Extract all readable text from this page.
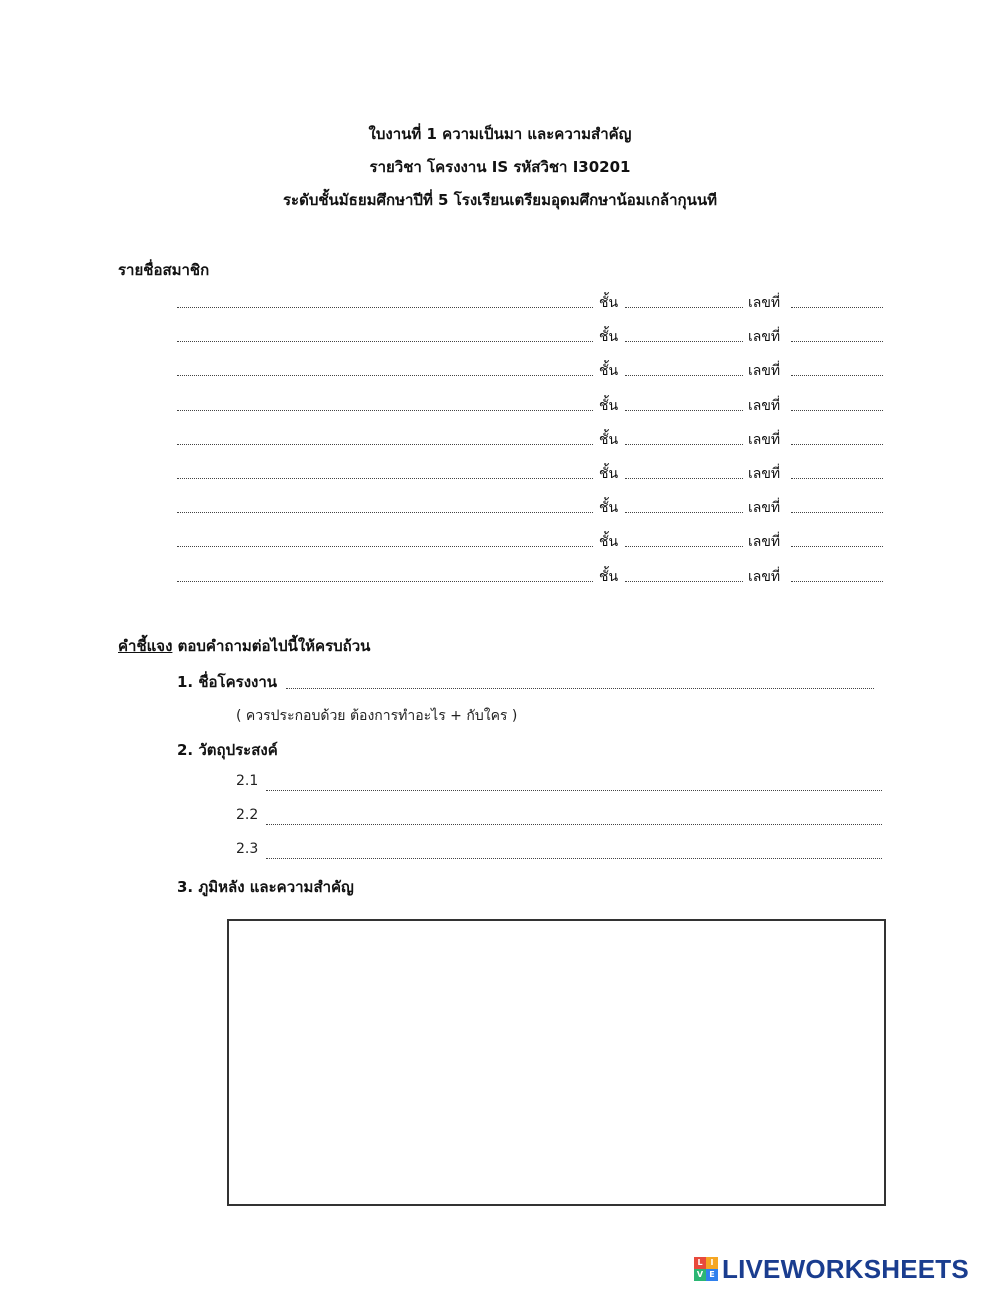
ใบงานที่ 1 ความเป็นมา และความสำคัญ
รายวิชา โครงงาน IS รหัสวิชา I30201
ระดับชั้นมัธยมศึกษาปีที่ 5 โรงเรียนเตรียมอุดมศึกษาน้อมเกล้ากุนนที
รายชื่อสมาชิก
ชั้น	เลขที่
ชั้น	เลขที่
ชั้น	เลขที่
ชั้น	เลขที่
ชั้น	เลขที่
ชั้น	เลขที่
ชั้น	เลขที่
ชั้น	เลขที่
ชั้น	เลขที่
คำชี้แจง ตอบคำถามต่อไปนี้ให้ครบถ้วน
1. ชื่อโครงงาน
( ควรประกอบด้วย ต้องการทำอะไร + กับใคร )
2. วัตถุประสงค์
2.1
2.2
2.3
3. ภูมิหลัง และความสำคัญ
L I
V E LIVEWORKSHEETS
